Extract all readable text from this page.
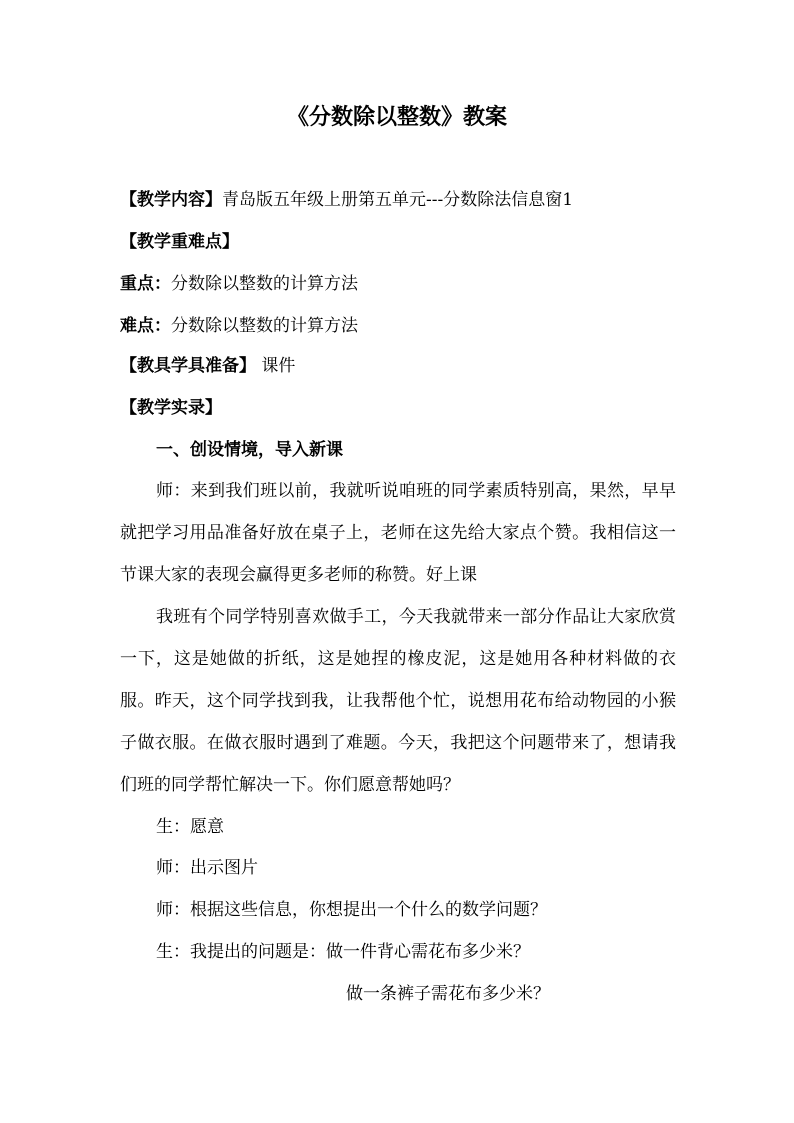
《分数除以整数》教案
【教学内容】青岛版五年级上册第五单元---分数除法信息窗1
【教学重难点】
重点：分数除以整数的计算方法
难点：分数除以整数的计算方法
【教具学具准备】 课件
【教学实录】
一、创设情境，导入新课
师：来到我们班以前，我就听说咱班的同学素质特别高，果然，早早就把学习用品准备好放在桌子上，老师在这先给大家点个赞。我相信这一节课大家的表现会赢得更多老师的称赞。好上课
我班有个同学特别喜欢做手工，今天我就带来一部分作品让大家欣赏一下，这是她做的折纸，这是她捏的橡皮泥，这是她用各种材料做的衣服。昨天，这个同学找到我，让我帮他个忙，说想用花布给动物园的小猴子做衣服。在做衣服时遇到了难题。今天，我把这个问题带来了，想请我们班的同学帮忙解决一下。你们愿意帮她吗？
生：愿意
师：出示图片
师：根据这些信息，你想提出一个什么的数学问题？
生：我提出的问题是：做一件背心需花布多少米？
做一条裤子需花布多少米？
